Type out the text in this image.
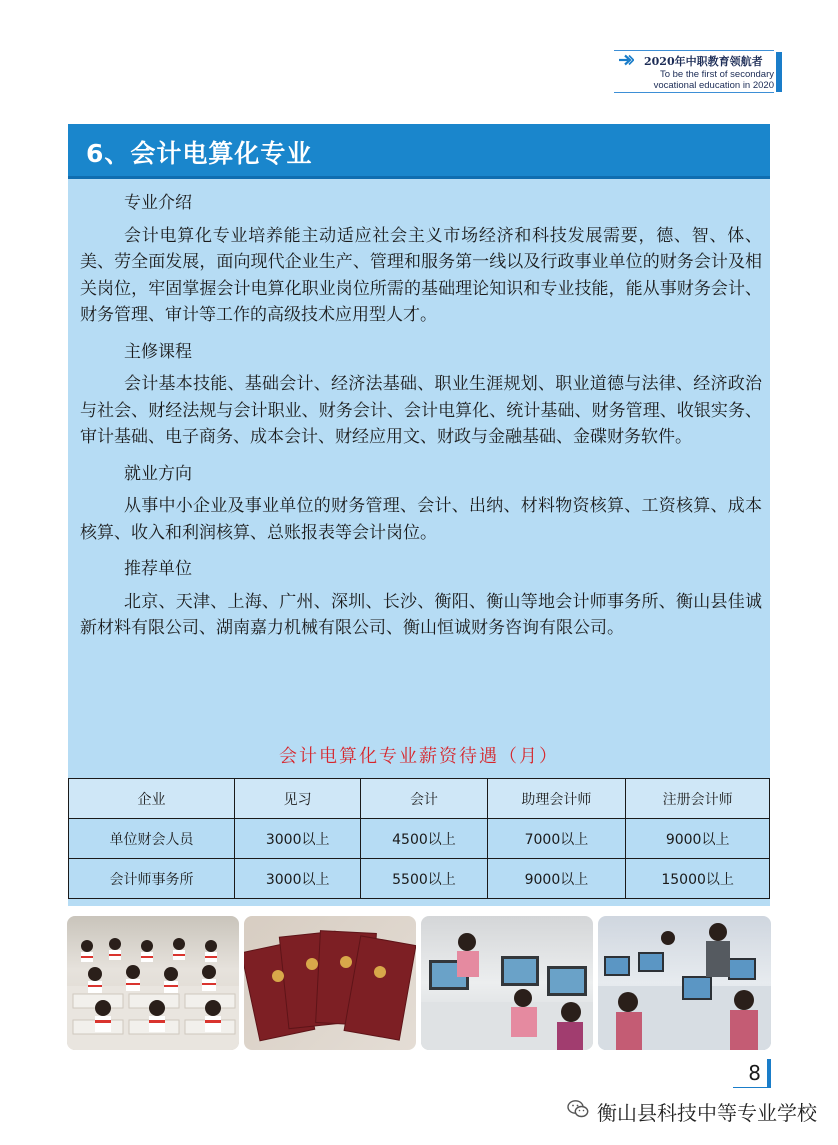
2020年中职教育领航者
To be the first of secondary
vocational education in 2020
6、会计电算化专业
专业介绍

会计电算化专业培养能主动适应社会主义市场经济和科技发展需要，德、智、体、美、劳全面发展，面向现代企业生产、管理和服务第一线以及行政事业单位的财务会计及相关岗位，牢固掌握会计电算化职业岗位所需的基础理论知识和专业技能，能从事财务会计、财务管理、审计等工作的高级技术应用型人才。

主修课程

会计基本技能、基础会计、经济法基础、职业生涯规划、职业道德与法律、经济政治与社会、财经法规与会计职业、财务会计、会计电算化、统计基础、财务管理、收银实务、审计基础、电子商务、成本会计、财经应用文、财政与金融基础、金碟财务软件。

就业方向

从事中小企业及事业单位的财务管理、会计、出纳、材料物资核算、工资核算、成本核算、收入和利润核算、总账报表等会计岗位。

推荐单位

北京、天津、上海、广州、深圳、长沙、衡阳、衡山等地会计师事务所、衡山县佳诚新材料有限公司、湖南嘉力机械有限公司、衡山恒诚财务咨询有限公司。

会计电算化专业薪资待遇（月）
企业	见习	会计	助理会计师	注册会计师
单位财会人员	3000以上	4500以上	7000以上	9000以上
会计师事务所	3000以上	5500以上	9000以上	15000以上
8
衡山县科技中等专业学校
